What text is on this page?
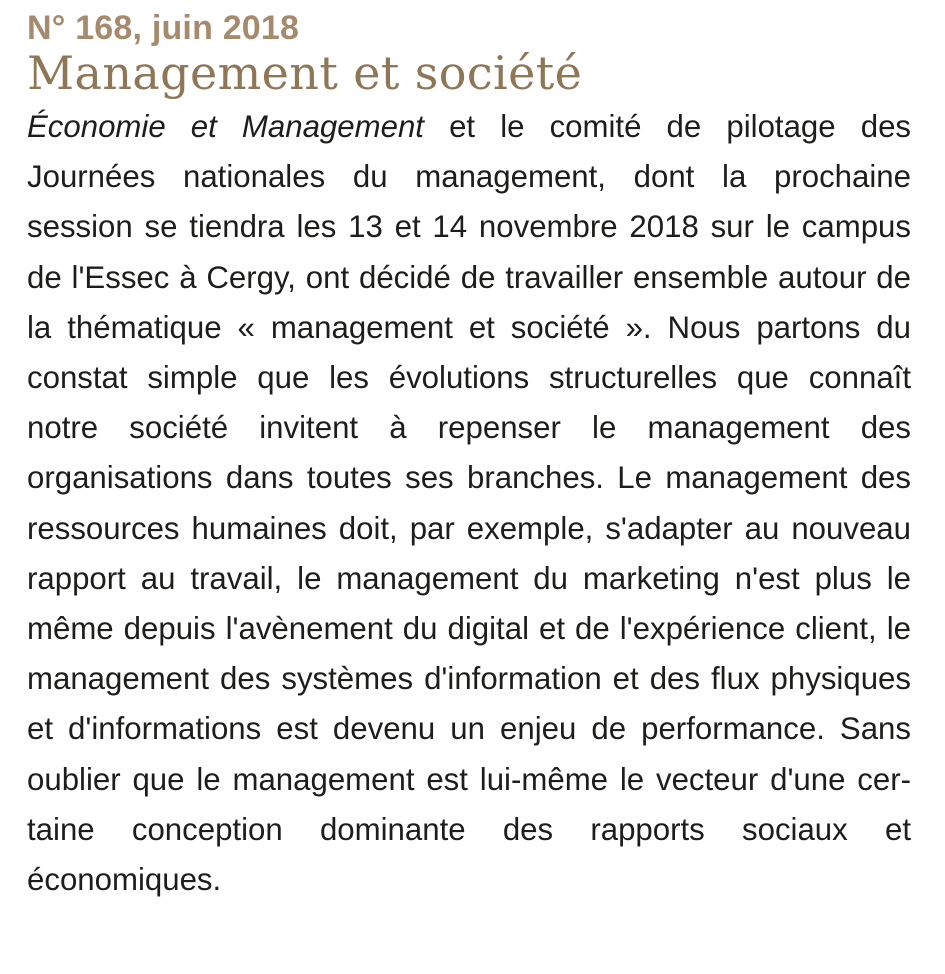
N° 168, juin 2018
Management et société

Économie et Management et le comité de pilotage des Journées nationales du management, dont la prochaine session se tiendra les 13 et 14 novembre 2018 sur le campus de l'Essec à Cergy, ont décidé de travailler ensemble autour de la thématique « management et société ». Nous partons du constat simple que les évolutions structurelles que connaît notre société invitent à repenser le management des organisations dans toutes ses branches. Le management des ressources humaines doit, par exemple, s'adapter au nouveau rapport au travail, le management du marketing n'est plus le même depuis l'avènement du digital et de l'expérience client, le management des systèmes d'information et des flux physiques et d'informations est devenu un enjeu de performance. Sans oublier que le management est lui-même le vecteur d'une certaine conception dominante des rapports sociaux et économiques.
